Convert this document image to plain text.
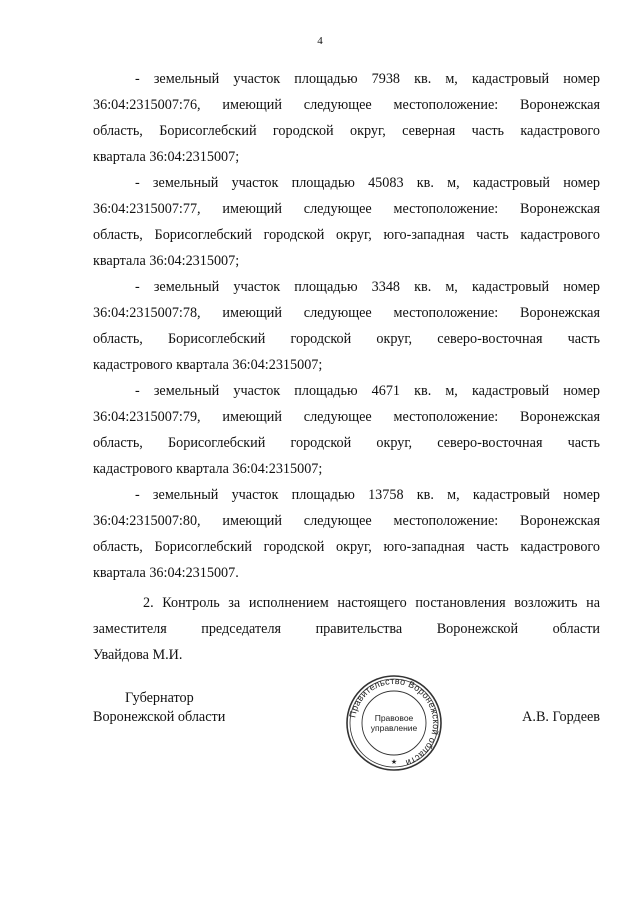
4

- земельный участок площадью 7938 кв. м, кадастровый номер
36:04:2315007:76, имеющий следующее местоположение: Воронежская
область, Борисоглебский городской округ, северная часть кадастрового
квартала 36:04:2315007;

- земельный участок площадью 45083 кв. м, кадастровый номер
36:04:2315007:77, имеющий следующее местоположение: Воронежская
область, Борисоглебский городской округ, юго-западная часть кадастрового
квартала 36:04:2315007;

- земельный участок площадью 3348 кв. м, кадастровый номер
36:04:2315007:78, имеющий следующее местоположение: Воронежская
область, Борисоглебский городской округ, северо-восточная часть
кадастрового квартала 36:04:2315007;

- земельный участок площадью 4671 кв. м, кадастровый номер
36:04:2315007:79, имеющий следующее местоположение: Воронежская
область, Борисоглебский городской округ, северо-восточная часть
кадастрового квартала 36:04:2315007;

- земельный участок площадью 13758 кв. м, кадастровый номер
36:04:2315007:80, имеющий следующее местоположение: Воронежская
область, Борисоглебский городской округ, юго-западная часть кадастрового
квартала 36:04:2315007.

2. Контроль за исполнением настоящего постановления возложить на
заместителя председателя правительства Воронежской области
Увайдова М.И.

Губернатор
Воронежской области	А.В. Гордеев
Правительство Воронежской области
★
Правовое
управление
